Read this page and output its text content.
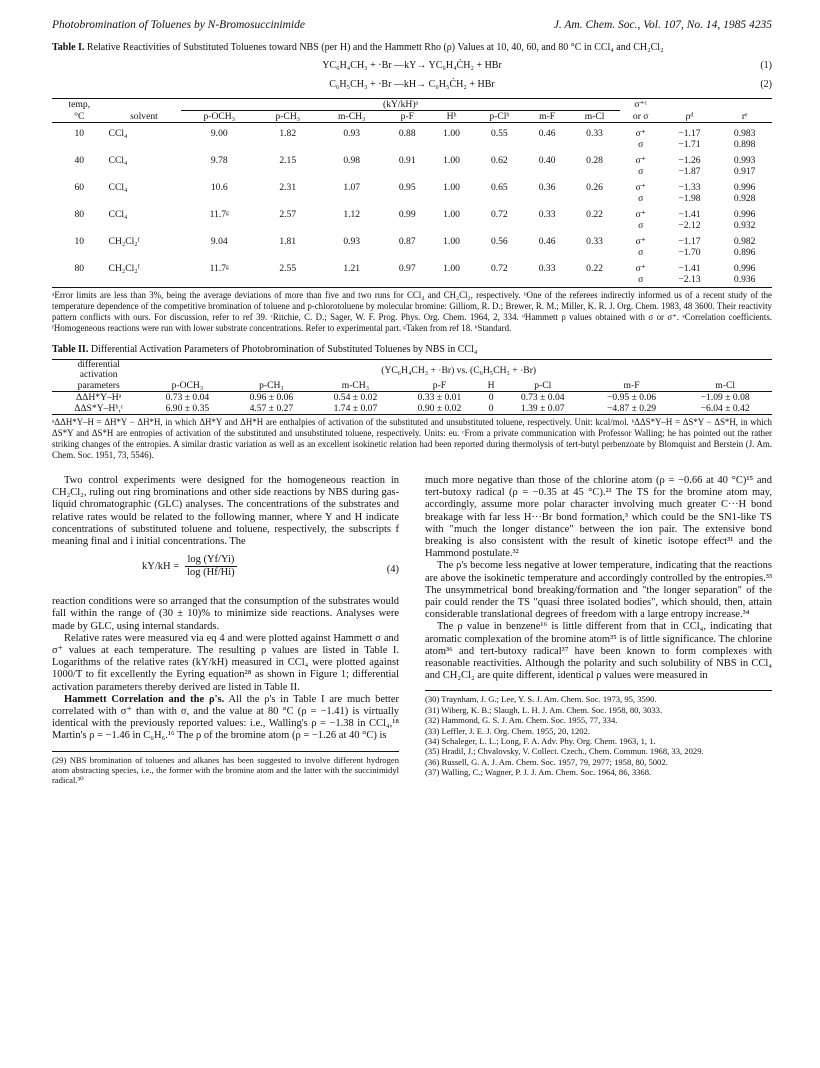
Photobromination of Toluenes by N-Bromosuccinimide	J. Am. Chem. Soc., Vol. 107, No. 14, 1985 4235
Table I. Relative Reactivities of Substituted Toluenes toward NBS (per H) and the Hammett Rho (ρ) Values at 10, 40, 60, and 80 °C in CCl₄ and CH₂Cl₂
YC₆H₄CH₃ + ·Br —kY→ YC₆H₄ĊH₂ + HBr	(1)
C₆H₅CH₃ + ·Br —kH→ C₆H₅ĊH₂ + HBr	(2)
temp,		(kY/kH)ᵃ								σ⁺ᶜ		
°C	solvent	p-OCH₃	p-CH₃	m-CH₃	p-F	Hʰ	p-Clᵇ	m-F	m-Cl	or σ	ρᵈ	rᵉ
10	CCl₄	9.00	1.82	0.93	0.88	1.00	0.55	0.46	0.33	σ⁺	−1.17	0.983
										σ	−1.71	0.898
40	CCl₄	9.78	2.15	0.98	0.91	1.00	0.62	0.40	0.28	σ⁺	−1.26	0.993
										σ	−1.87	0.917
60	CCl₄	10.6	2.31	1.07	0.95	1.00	0.65	0.36	0.26	σ⁺	−1.33	0.996
										σ	−1.98	0.928
80	CCl₄	11.7ᵍ	2.57	1.12	0.99	1.00	0.72	0.33	0.22	σ⁺	−1.41	0.996
										σ	−2.12	0.932
10	CH₂Cl₂ᶠ	9.04	1.81	0.93	0.87	1.00	0.56	0.46	0.33	σ⁺	−1.17	0.982
										σ	−1.70	0.896
80	CH₂Cl₂ᶠ	11.7ᵍ	2.55	1.21	0.97	1.00	0.72	0.33	0.22	σ⁺	−1.41	0.996
										σ	−2.13	0.936
ᵃError limits are less than 3%, being the average deviations of more than five and two runs for CCl₄ and CH₂Cl₂, respectively. ᵇOne of the referees indirectly informed us of a recent study of the temperature dependence of the competitive bromination of toluene and p-chlorotoluene by molecular bromine: Gilliom, R. D.; Brewer, R. M.; Miller, K. R. J. Org. Chem. 1983, 48 3600. Their reactivity pattern conflicts with ours. For discussion, refer to ref 39. ᶜRitchie, C. D.; Sager, W. F. Prog. Phys. Org. Chem. 1964, 2, 334. ᵈHammett ρ values obtained with σ or σ⁺. ᵉCorrelation coefficients. ᶠHomogeneous reactions were run with lower substrate concentrations. Refer to experimental part. ᵍTaken from ref 18. ʰStandard.
Table II. Differential Activation Parameters of Photobromination of Substituted Toluenes by NBS in CCl₄
differential
activation	(YC₆H₄CH₃ + ·Br) vs. (C₆H₅CH₃ + ·Br)							
parameters	p-OCH₃	p-CH₃	m-CH₃	p-F	H	p-Cl	m-F	m-Cl
ΔΔH*Y–Hᵃ	0.73 ± 0.04	0.96 ± 0.06	0.54 ± 0.02	0.33 ± 0.01	0	0.73 ± 0.04	−0.95 ± 0.06	−1.09 ± 0.08
ΔΔS*Y–Hᵇ,ᶜ	6.90 ± 0.35	4.57 ± 0.27	1.74 ± 0.07	0.90 ± 0.02	0	1.39 ± 0.07	−4.87 ± 0.29	−6.04 ± 0.42
ᵃΔΔH*Y–H = ΔH*Y − ΔH*H, in which ΔH*Y and ΔH*H are enthalpies of activation of the substituted and unsubstituted toluene, respectively. Unit: kcal/mol. ᵇΔΔS*Y–H = ΔS*Y − ΔS*H, in which ΔS*Y and ΔS*H are entropies of activation of the substituted and unsubstituted toluene, respectively. Units: eu. ᶜFrom a private communication with Professor Walling; he has pointed out the rather striking changes of the entropies. A similar drastic variation as well as an excellent isokinetic relation had been reported during thermolysis of tert-butyl perbenzoate by Blomquist and Berstein (J. Am. Chem. Soc. 1951, 73, 5546).

Two control experiments were designed for the homogeneous reaction in CH₂Cl₂, ruling out ring brominations and other side reactions by NBS during gas-liquid chromatographic (GLC) analyses. The concentrations of the substrates and relative rates would be related to the following manner, where Y and H indicate concentrations of substituted toluene and toluene, respectively, the subscripts f meaning final and i initial concentrations. The

$kY/kH = \frac{\log (Yf/Yi)}{\log (Hf/Hi)}$	(4)

reaction conditions were so arranged that the consumption of the substrates would fall within the range of (30 ± 10)% to minimize side reactions. Analyses were made by GLC, using internal standards.

Relative rates were measured via eq 4 and were plotted against Hammett σ and σ⁺ values at each temperature. The resulting ρ values are listed in Table I. Logarithms of the relative rates (kY/kH) measured in CCl₄ were plotted against 1000/T to fit excellently the Eyring equation²⁸ as shown in Figure 1; differential activation parameters thereby derived are listed in Table II.

Hammett Correlation and the ρ's. All the ρ's in Table I are much better correlated with σ⁺ than with σ, and the value at 80 °C (ρ = −1.41) is virtually identical with the previously reported values: i.e., Walling's ρ = −1.38 in CCl₄,¹⁸ Martin's ρ = −1.46 in C₆H₆.¹⁶ The ρ of the bromine atom (ρ = −1.26 at 40 °C) is

(29) NBS bromination of toluenes and alkanes has been suggested to involve different hydrogen atom abstracting species, i.e., the former with the bromine atom and the latter with the succinimidyl radical.³⁰

much more negative than those of the chlorine atom (ρ = −0.66 at 40 °C)¹⁵ and tert-butoxy radical (ρ = −0.35 at 45 °C).²¹ The TS for the bromine atom may, accordingly, assume more polar character involving much greater C···H bond breakage with far less H···Br bond formation,³ which could be the SN1-like TS with "much the longer distance" between the ion pair. The extensive bond breaking is also consistent with the result of kinetic isotope effect³¹ and the Hammond postulate.³²

The ρ's become less negative at lower temperature, indicating that the reactions are above the isokinetic temperature and accordingly controlled by the entropies.³³ The unsymmetrical bond breaking/formation and "the longer separation" of the pair could render the TS "quasi three isolated bodies", which should, then, attain considerable translational degrees of freedom with a large entropy increase.³⁴

The ρ value in benzene¹⁶ is little different from that in CCl₄, indicating that aromatic complexation of the bromine atom³⁵ is of little significance. The chlorine atom³⁶ and tert-butoxy radical³⁷ have been known to form complexes with reasonable reactivities. Although the polarity and such solubility of NBS in CCl₄ and CH₂Cl₂ are quite different, identical ρ values were measured in

(30) Traynham, J. G.; Lee, Y. S. J. Am. Chem. Soc. 1973, 95, 3590.
(31) Wiberg, K. B.; Slaugh, L. H. J. Am. Chem. Soc. 1958, 80, 3033.
(32) Hammond, G. S. J. Am. Chem. Soc. 1955, 77, 334.
(33) Leffler, J. E. J. Org. Chem. 1955, 20, 1202.
(34) Schaleger, L. L.; Long, F. A. Adv. Phy. Org. Chem. 1963, 1, 1.
(35) Hradil, J.; Chvalovsky, V. Collect. Czech., Chem. Commun. 1968, 33, 2029.
(36) Russell, G. A. J. Am. Chem. Soc. 1957, 79, 2977; 1958, 80, 5002.
(37) Walling, C.; Wagner, P. J. J. Am. Chem. Soc. 1964, 86, 3368.
